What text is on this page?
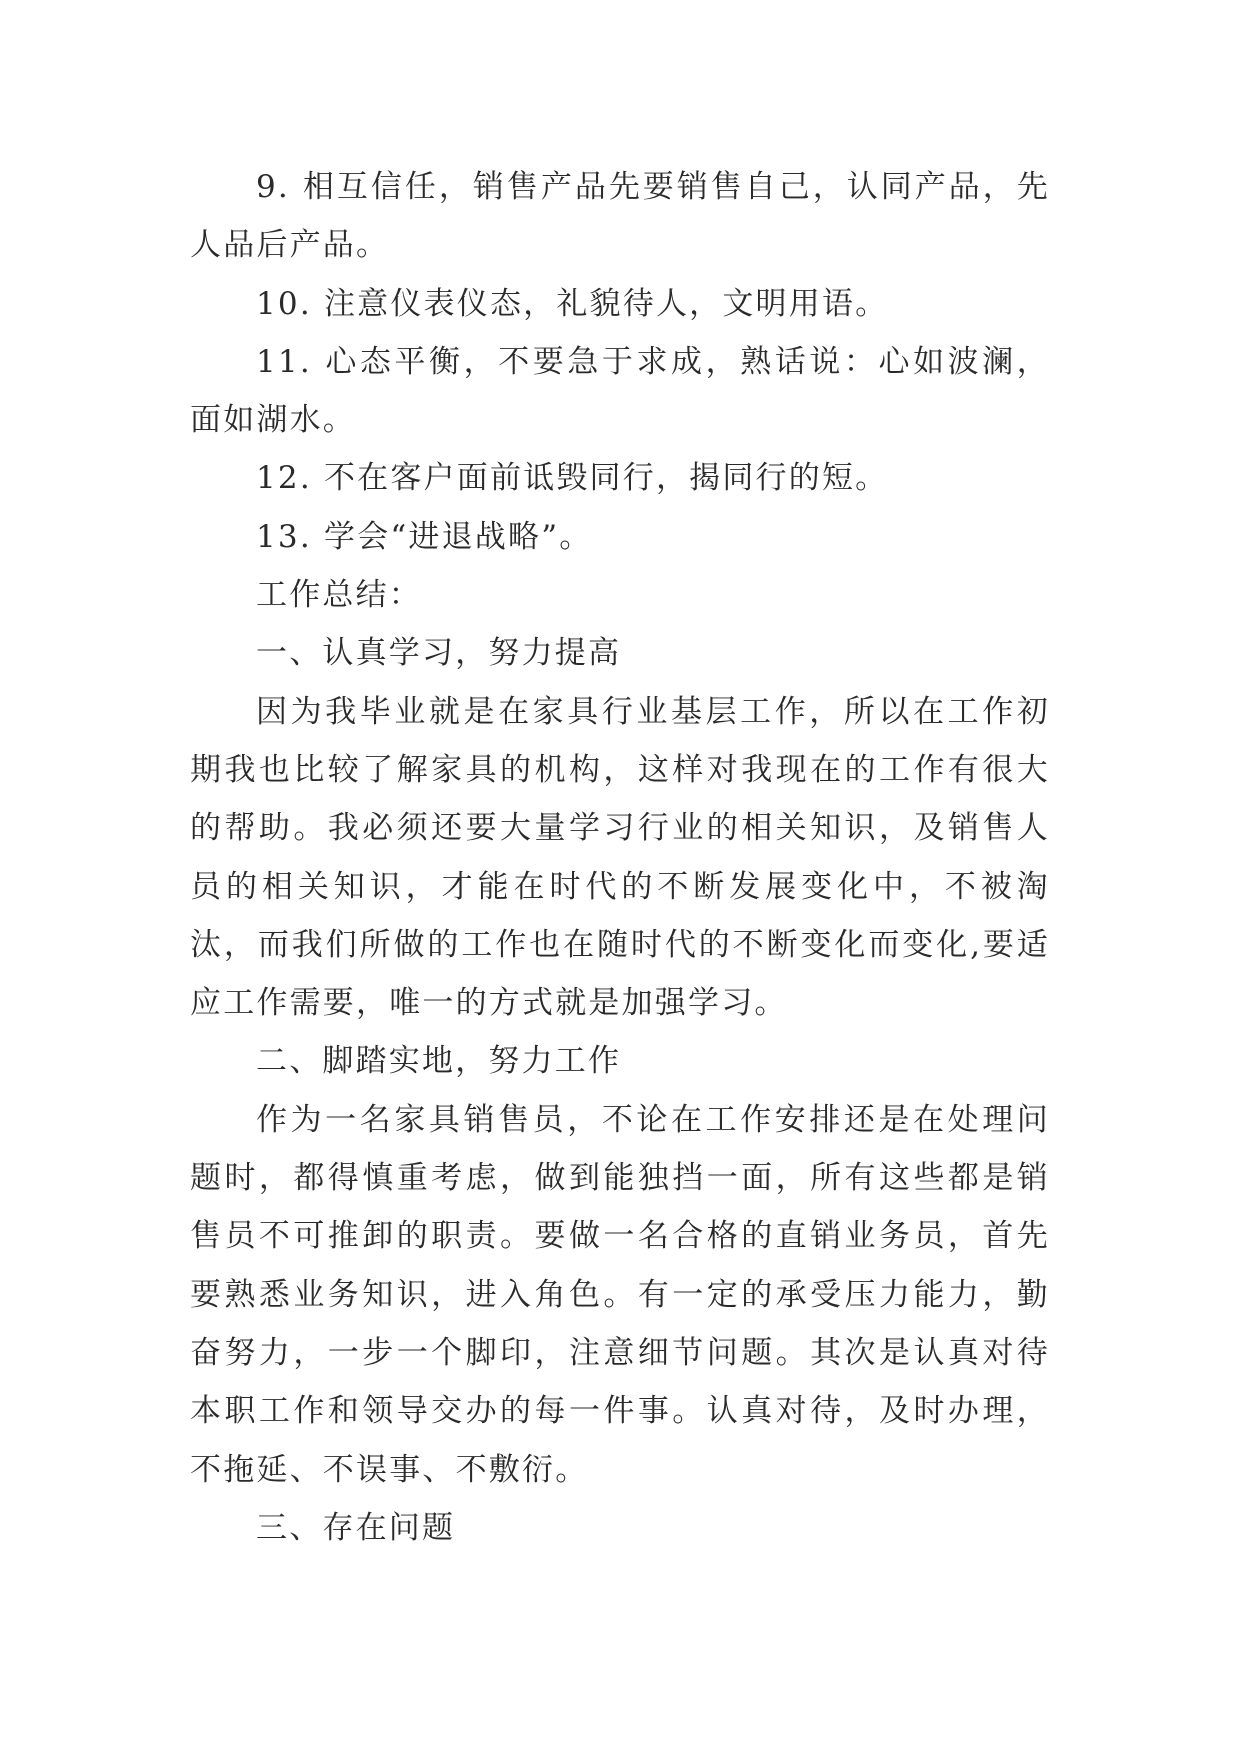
9. 相互信任，销售产品先要销售自己，认同产品，先人品后产品。

10. 注意仪表仪态，礼貌待人，文明用语。

11. 心态平衡，不要急于求成，熟话说：心如波澜，面如湖水。

12. 不在客户面前诋毁同行，揭同行的短。

13. 学会“进退战略”。

工作总结：

一、认真学习，努力提高

因为我毕业就是在家具行业基层工作，所以在工作初期我也比较了解家具的机构，这样对我现在的工作有很大的帮助。我必须还要大量学习行业的相关知识，及销售人员的相关知识，才能在时代的不断发展变化中，不被淘汰，而我们所做的工作也在随时代的不断变化而变化,要适应工作需要，唯一的方式就是加强学习。

二、脚踏实地，努力工作

作为一名家具销售员，不论在工作安排还是在处理问题时，都得慎重考虑，做到能独挡一面，所有这些都是销售员不可推卸的职责。要做一名合格的直销业务员，首先要熟悉业务知识，进入角色。有一定的承受压力能力，勤奋努力，一步一个脚印，注意细节问题。其次是认真对待本职工作和领导交办的每一件事。认真对待，及时办理，不拖延、不误事、不敷衍。

三、存在问题
